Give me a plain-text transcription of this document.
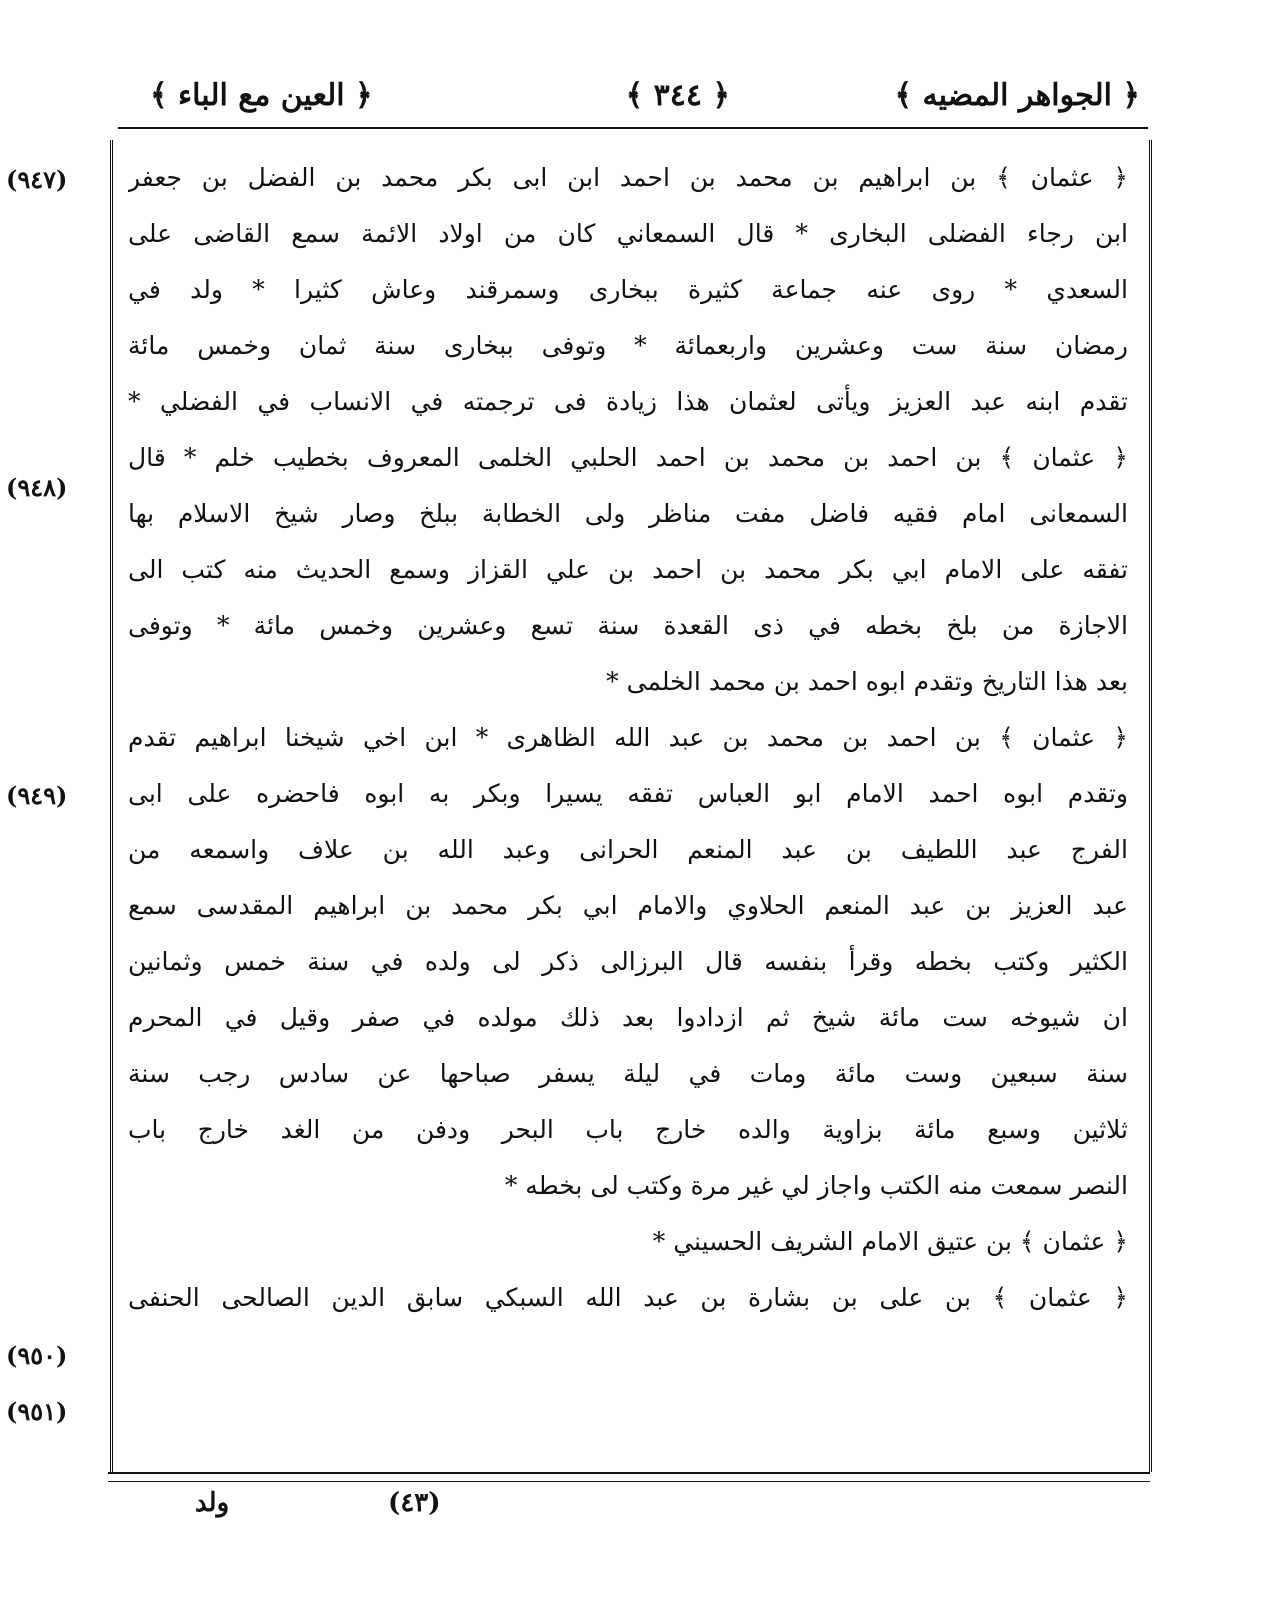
﴿ الجواهر المضيه ﴾
﴿ ٣٤٤ ﴾
﴿ العين مع الباء ﴾
﴿ عثمان ﴾ بن ابراهيم بن محمد بن احمد ابن ابى بكر محمد بن الفضل بن جعفر
ابن رجاء الفضلى البخارى * قال السمعاني كان من اولاد الائمة سمع القاضى على
السعدي * روى عنه جماعة كثيرة ببخارى وسمرقند وعاش كثيرا * ولد في
رمضان سنة ست وعشرين واربعمائة * وتوفى ببخارى سنة ثمان وخمس مائة
تقدم ابنه عبد العزيز ويأتى لعثمان هذا زيادة فى ترجمته في الانساب في الفضلي *
﴿ عثمان ﴾ بن احمد بن محمد بن احمد الحلبي الخلمى المعروف بخطيب خلم * قال
السمعانى امام فقيه فاضل مفت مناظر ولى الخطابة ببلخ وصار شيخ الاسلام بها
تفقه على الامام ابي بكر محمد بن احمد بن علي القزاز وسمع الحديث منه كتب الى
الاجازة من بلخ بخطه في ذى القعدة سنة تسع وعشرين وخمس مائة * وتوفى
بعد هذا التاريخ وتقدم ابوه احمد بن محمد الخلمى *
﴿ عثمان ﴾ بن احمد بن محمد بن عبد الله الظاهرى * ابن اخي شيخنا ابراهيم تقدم
وتقدم ابوه احمد الامام ابو العباس تفقه يسيرا وبكر به ابوه فاحضره على ابى
الفرج عبد اللطيف بن عبد المنعم الحرانى وعبد الله بن علاف واسمعه من
عبد العزيز بن عبد المنعم الحلاوي والامام ابي بكر محمد بن ابراهيم المقدسى سمع
الكثير وكتب بخطه وقرأ بنفسه قال البرزالى ذكر لى ولده في سنة خمس وثمانين
ان شيوخه ست مائة شيخ ثم ازدادوا بعد ذلك مولده في صفر وقيل في المحرم
سنة سبعين وست مائة ومات في ليلة يسفر صباحها عن سادس رجب سنة
ثلاثين وسبع مائة بزاوية والده خارج باب البحر ودفن من الغد خارج باب
النصر سمعت منه الكتب واجاز لي غير مرة وكتب لى بخطه *
﴿ عثمان ﴾ بن عتيق الامام الشريف الحسيني *
﴿ عثمان ﴾ بن على بن بشارة بن عبد الله السبكي سابق الدين الصالحى الحنفى
(٩٤٧)
(٩٤٨)
(٩٤٩)
(٩٥٠)
(٩٥١)
ولد	(٤٣)
